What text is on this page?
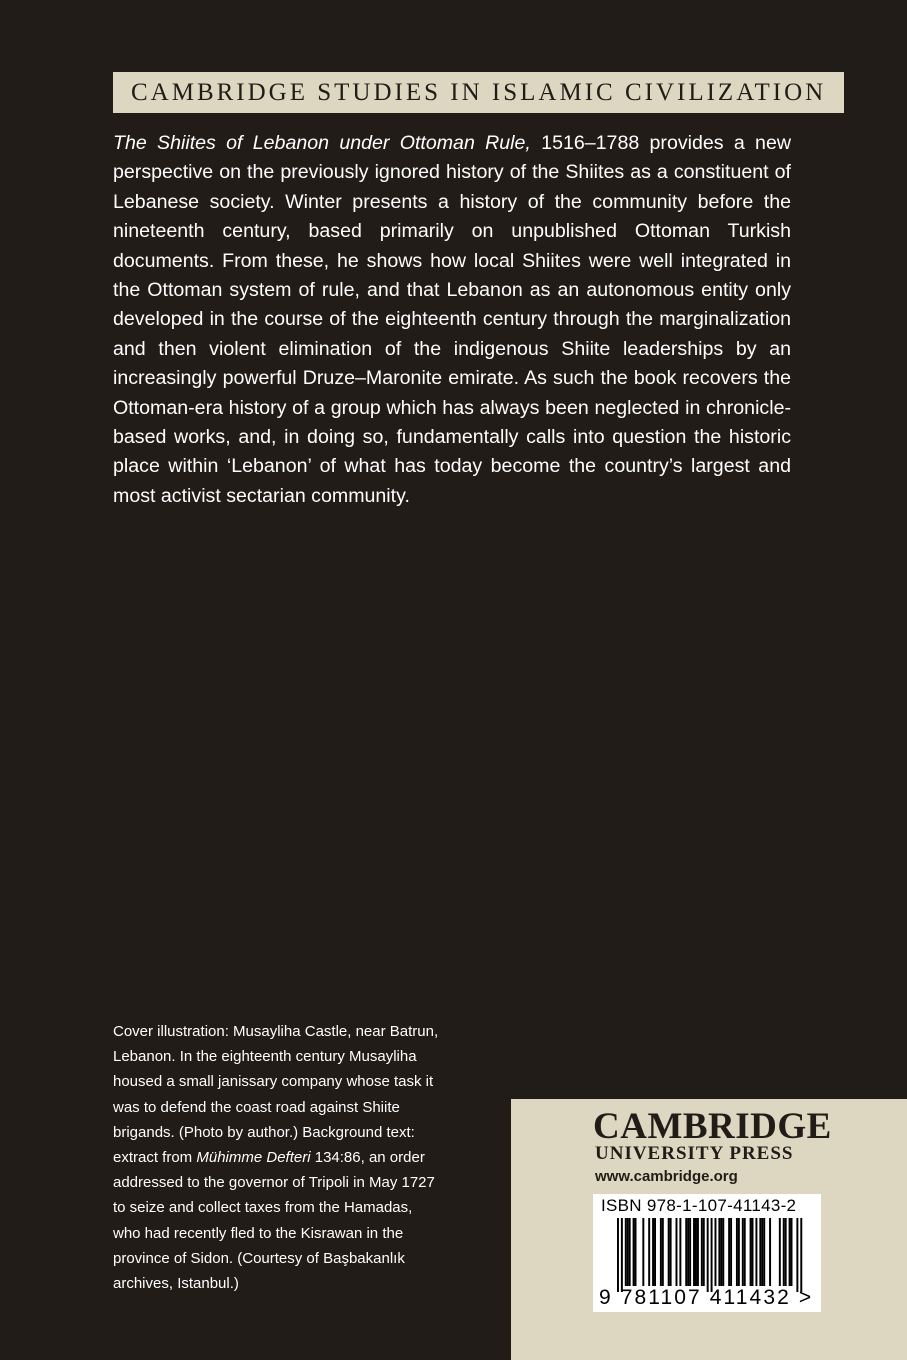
CAMBRIDGE STUDIES IN ISLAMIC CIVILIZATION

The Shiites of Lebanon under Ottoman Rule, 1516–1788 provides a new perspective on the previously ignored history of the Shiites as a constituent of Lebanese society. Winter presents a history of the community before the nineteenth century, based primarily on unpublished Ottoman Turkish documents. From these, he shows how local Shiites were well integrated in the Ottoman system of rule, and that Lebanon as an autonomous entity only developed in the course of the eighteenth century through the marginalization and then violent elimination of the indigenous Shiite leaderships by an increasingly powerful Druze–Maronite emirate. As such the book recovers the Ottoman-era history of a group which has always been neglected in chronicle-based works, and, in doing so, fundamentally calls into question the historic place within ‘Lebanon’ of what has today become the country’s largest and most activist sectarian community.

Cover illustration: Musayliha Castle, near Batrun, Lebanon. In the eighteenth century Musayliha housed a small janissary company whose task it was to defend the coast road against Shiite brigands. (Photo by author.) Background text: extract from Mühimme Defteri 134:86, an order addressed to the governor of Tripoli in May 1727 to seize and collect taxes from the Hamadas, who had recently fled to the Kisrawan in the province of Sidon. (Courtesy of Başbakanlık archives, Istanbul.)

CAMBRIDGE
UNIVERSITY PRESS
www.cambridge.org
ISBN 978-1-107-41143-2
9 781107 411432 >
